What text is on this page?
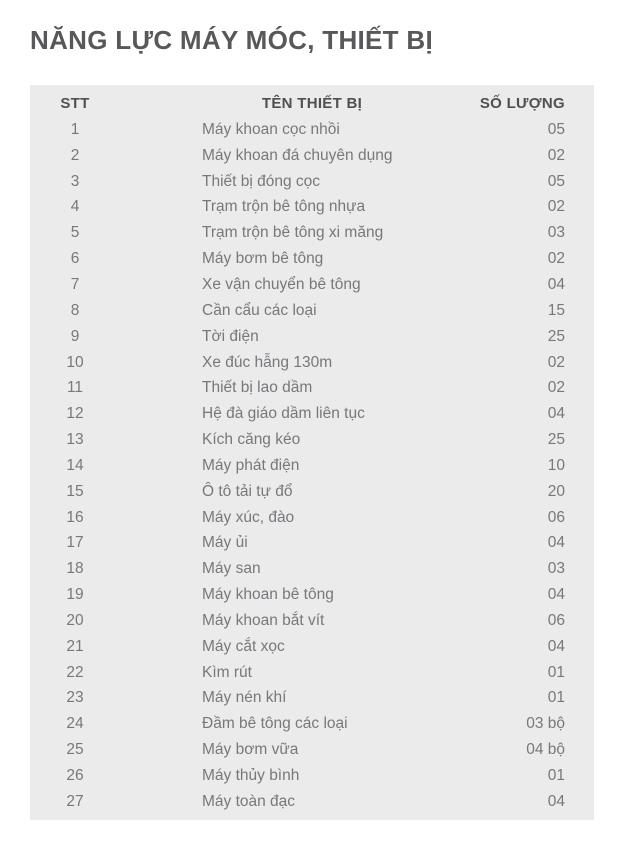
NĂNG LỰC MÁY MÓC, THIẾT BỊ
STT	TÊN THIẾT BỊ	SỐ LƯỢNG
1	Máy khoan cọc nhồi	05
2	Máy khoan đá chuyên dụng	02
3	Thiết bị đóng cọc	05
4	Trạm trộn bê tông nhựa	02
5	Trạm trộn bê tông xi măng	03
6	Máy bơm bê tông	02
7	Xe vận chuyển bê tông	04
8	Cần cẩu các loại	15
9	Tời điện	25
10	Xe đúc hẫng 130m	02
11	Thiết bị lao dầm	02
12	Hệ đà giáo dầm liên tục	04
13	Kích căng kéo	25
14	Máy phát điện	10
15	Ô tô tải tự đổ	20
16	Máy xúc, đào	06
17	Máy ủi	04
18	Máy san	03
19	Máy khoan bê tông	04
20	Máy khoan bắt vít	06
21	Máy cắt xọc	04
22	Kìm rút	01
23	Máy nén khí	01
24	Đầm bê tông các loại	03 bộ
25	Máy bơm vữa	04 bộ
26	Máy thủy bình	01
27	Máy toàn đạc	04
